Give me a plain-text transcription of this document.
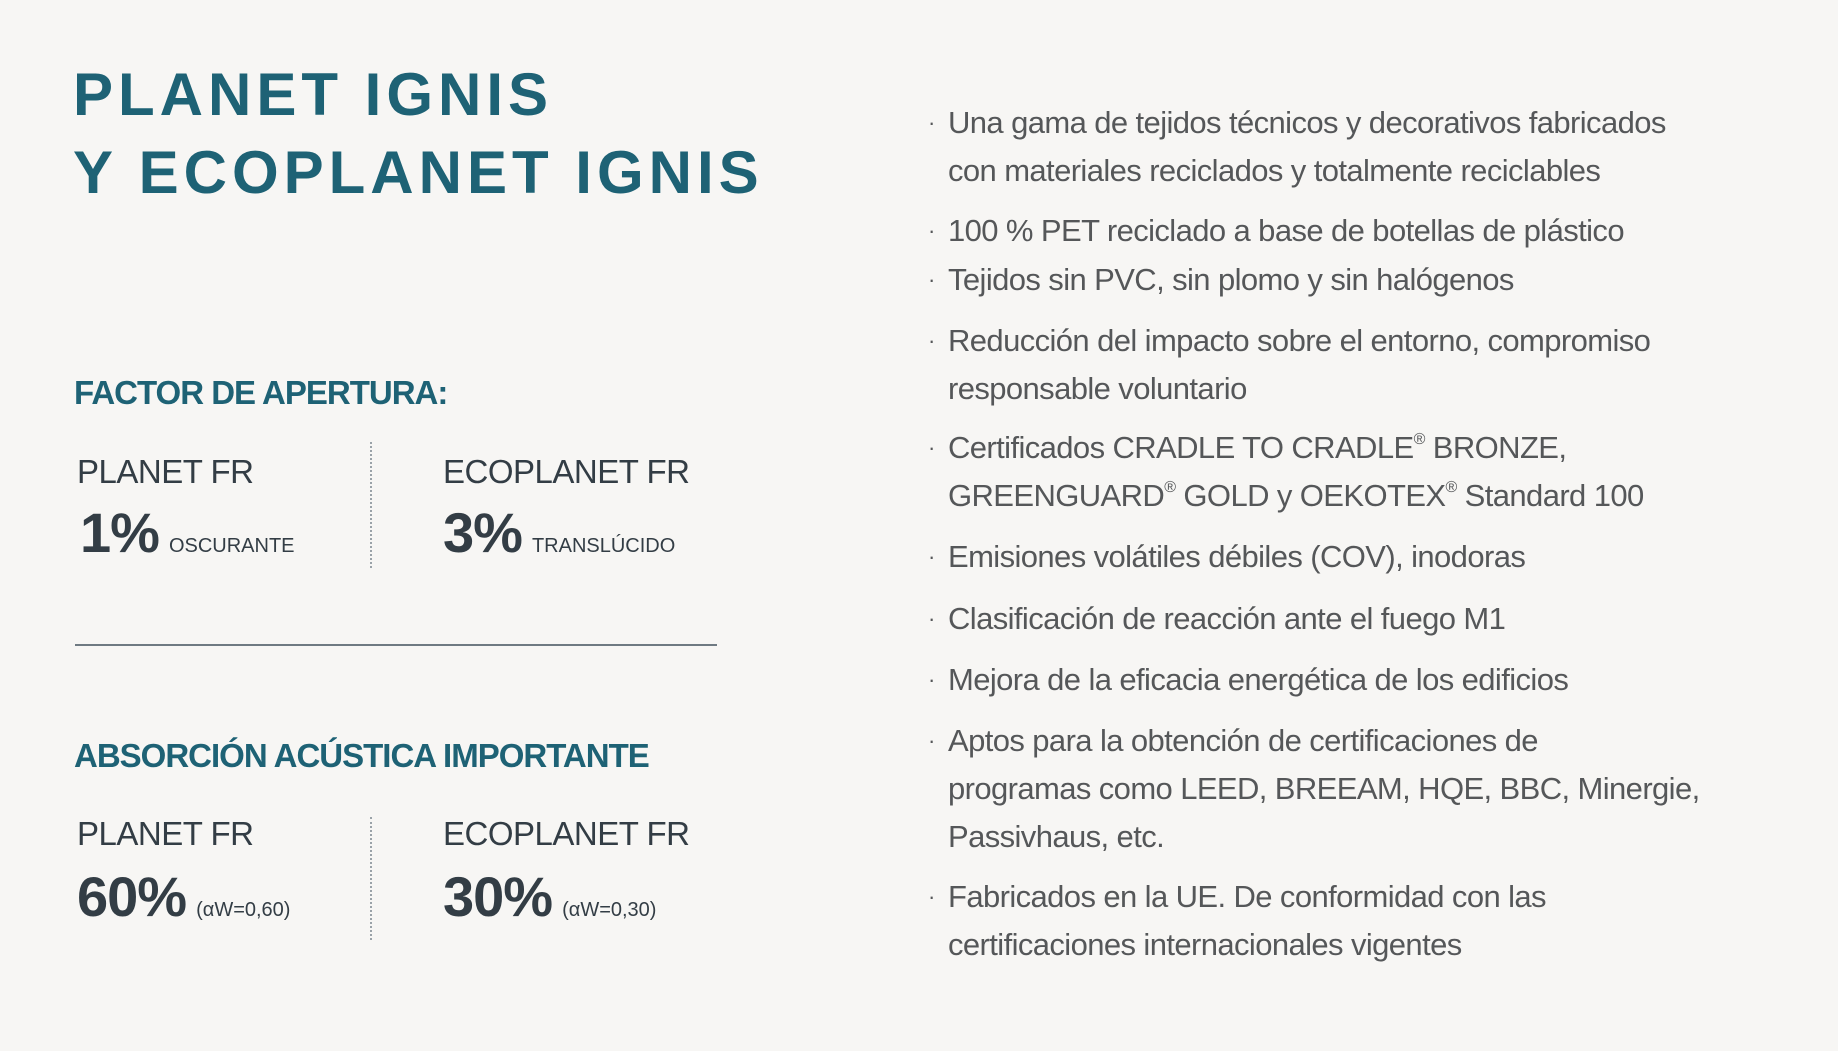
PLANET IGNIS
Y ECOPLANET IGNIS
FACTOR DE APERTURA:
PLANET FR
1% OSCURANTE
ECOPLANET FR
3% TRANSLÚCIDO
ABSORCIÓN ACÚSTICA IMPORTANTE
PLANET FR
60% (αW=0,60)
ECOPLANET FR
30% (αW=0,30)
· Una gama de tejidos técnicos y decorativos fabricados
con materiales reciclados y totalmente reciclables
· 100 % PET reciclado a base de botellas de plástico
· Tejidos sin PVC, sin plomo y sin halógenos
· Reducción del impacto sobre el entorno, compromiso
responsable voluntario
· Certificados CRADLE TO CRADLE® BRONZE,
GREENGUARD® GOLD y OEKOTEX® Standard 100
· Emisiones volátiles débiles (COV), inodoras
· Clasificación de reacción ante el fuego M1
· Mejora de la eficacia energética de los edificios
· Aptos para la obtención de certificaciones de
programas como LEED, BREEAM, HQE, BBC, Minergie,
Passivhaus, etc.
· Fabricados en la UE. De conformidad con las
certificaciones internacionales vigentes
